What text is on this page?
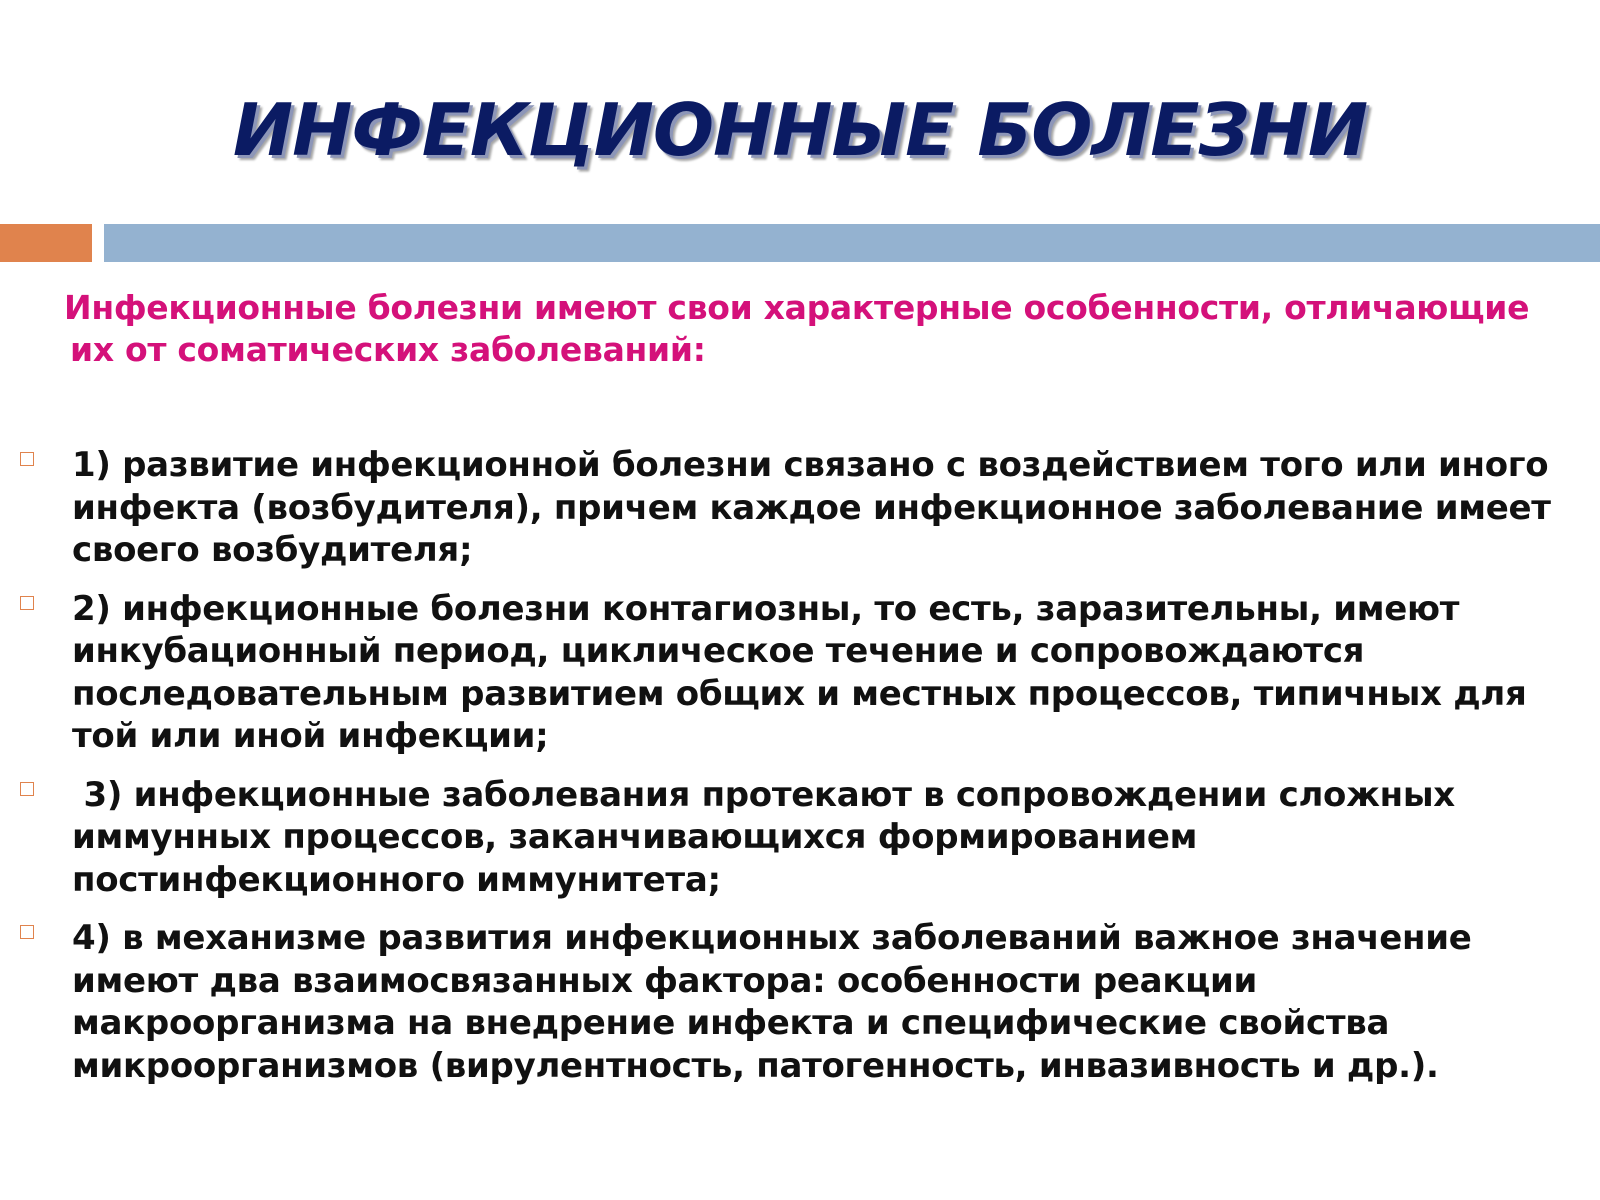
ИНФЕКЦИОННЫЕ БОЛЕЗНИ
Инфекционные болезни имеют свои характерные особенности, отличающие
их от соматических заболеваний:
1) развитие инфекционной болезни связано с воздействием того или иного
инфекта (возбудителя), причем каждое инфекционное заболевание имеет
своего возбудителя;
2) инфекционные болезни контагиозны, то есть, заразительны, имеют
инкубационный период, циклическое течение и сопровождаются
последовательным развитием общих и местных процессов, типичных для
той или иной инфекции;
3) инфекционные заболевания протекают в сопровождении сложных
иммунных процессов, заканчивающихся формированием
постинфекционного иммунитета;
4) в механизме развития инфекционных заболеваний важное значение
имеют два взаимосвязанных фактора: особенности реакции
макроорганизма на внедрение инфекта и специфические свойства
микроорганизмов (вирулентность, патогенность, инвазивность и др.).
